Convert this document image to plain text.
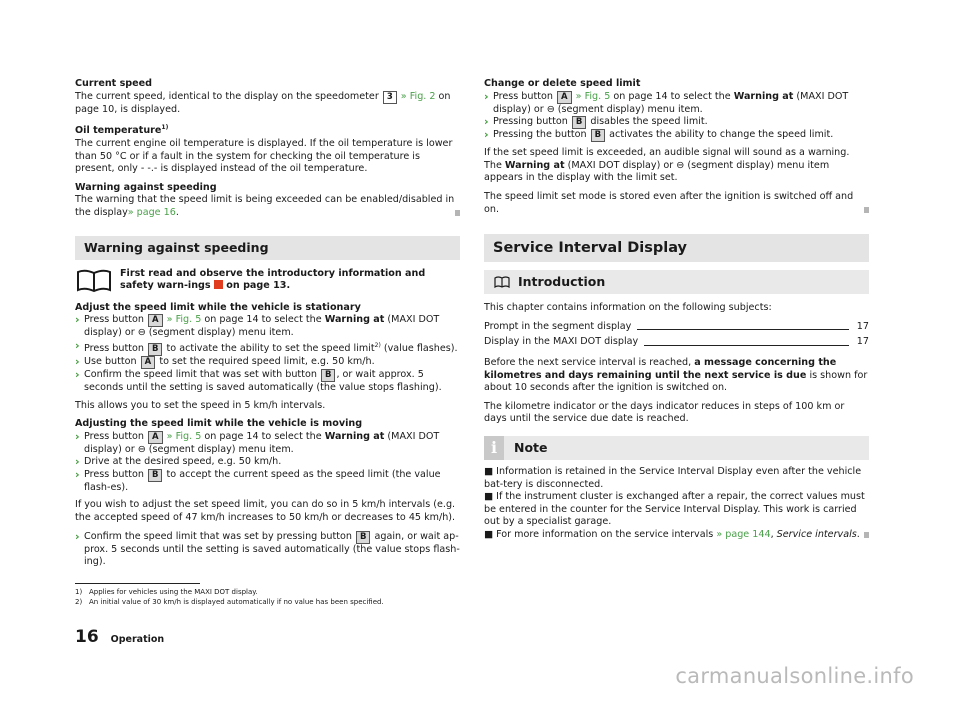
Current speed
The current speed, identical to the display on the speedometer 3 » Fig. 2 on page 10, is displayed.

Oil temperature$^{1)}$
The current engine oil temperature is displayed. If the oil temperature is lower than 50 °C or if a fault in the system for checking the oil temperature is present, only - -.- is displayed instead of the oil temperature.

Warning against speeding
The warning that the speed limit is being exceeded can be enabled/disabled in the display» page 16.

Warning against speeding
First read and observe the introductory information and safety warn-ings  on page 13.
Adjust the speed limit while the vehicle is stationary
› Press button A » Fig. 5 on page 14 to select the Warning at (MAXI DOT display) or ⊖ (segment display) menu item.
› Press button B to activate the ability to set the speed limit$^{2)}$ (value flashes).
› Use button A to set the required speed limit, e.g. 50 km/h.
› Confirm the speed limit that was set with button B , or wait approx. 5 seconds until the setting is saved automatically (the value stops flashing).

This allows you to set the speed in 5 km/h intervals.

Adjusting the speed limit while the vehicle is moving
› Press button A » Fig. 5 on page 14 to select the Warning at (MAXI DOT display) or ⊖ (segment display) menu item.
› Drive at the desired speed, e.g. 50 km/h.
› Press button B to accept the current speed as the speed limit (the value flash-es).

If you wish to adjust the set speed limit, you can do so in 5 km/h intervals (e.g. the accepted speed of 47 km/h increases to 50 km/h or decreases to 45 km/h).

› Confirm the speed limit that was set by pressing button B again, or wait ap-prox. 5 seconds until the setting is saved automatically (the value stops flash-ing).
Change or delete speed limit
› Press button A » Fig. 5 on page 14 to select the Warning at (MAXI DOT display) or ⊖ (segment display) menu item.
› Pressing button B disables the speed limit.
› Pressing the button B activates the ability to change the speed limit.

If the set speed limit is exceeded, an audible signal will sound as a warning. The Warning at (MAXI DOT display) or ⊖ (segment display) menu item appears in the display with the limit set.

The speed limit set mode is stored even after the ignition is switched off and on.

Service Interval Display
Introduction

This chapter contains information on the following subjects:

Prompt in the segment display	17
Display in the MAXI DOT display	17

Before the next service interval is reached, a message concerning the kilometres and days remaining until the next service is due is shown for about 10 seconds after the ignition is switched on.

The kilometre indicator or the days indicator reduces in steps of 100 km or days until the service due date is reached.

i	Note

■ Information is retained in the Service Interval Display even after the vehicle bat-tery is disconnected.

■ If the instrument cluster is exchanged after a repair, the correct values must be entered in the counter for the Service Interval Display. This work is carried out by a specialist garage.

■ For more information on the service intervals » page 144, Service intervals.

1) Applies for vehicles using the MAXI DOT display.
2) An initial value of 30 km/h is displayed automatically if no value has been specified.
16 Operation
carmanualsonline.info
